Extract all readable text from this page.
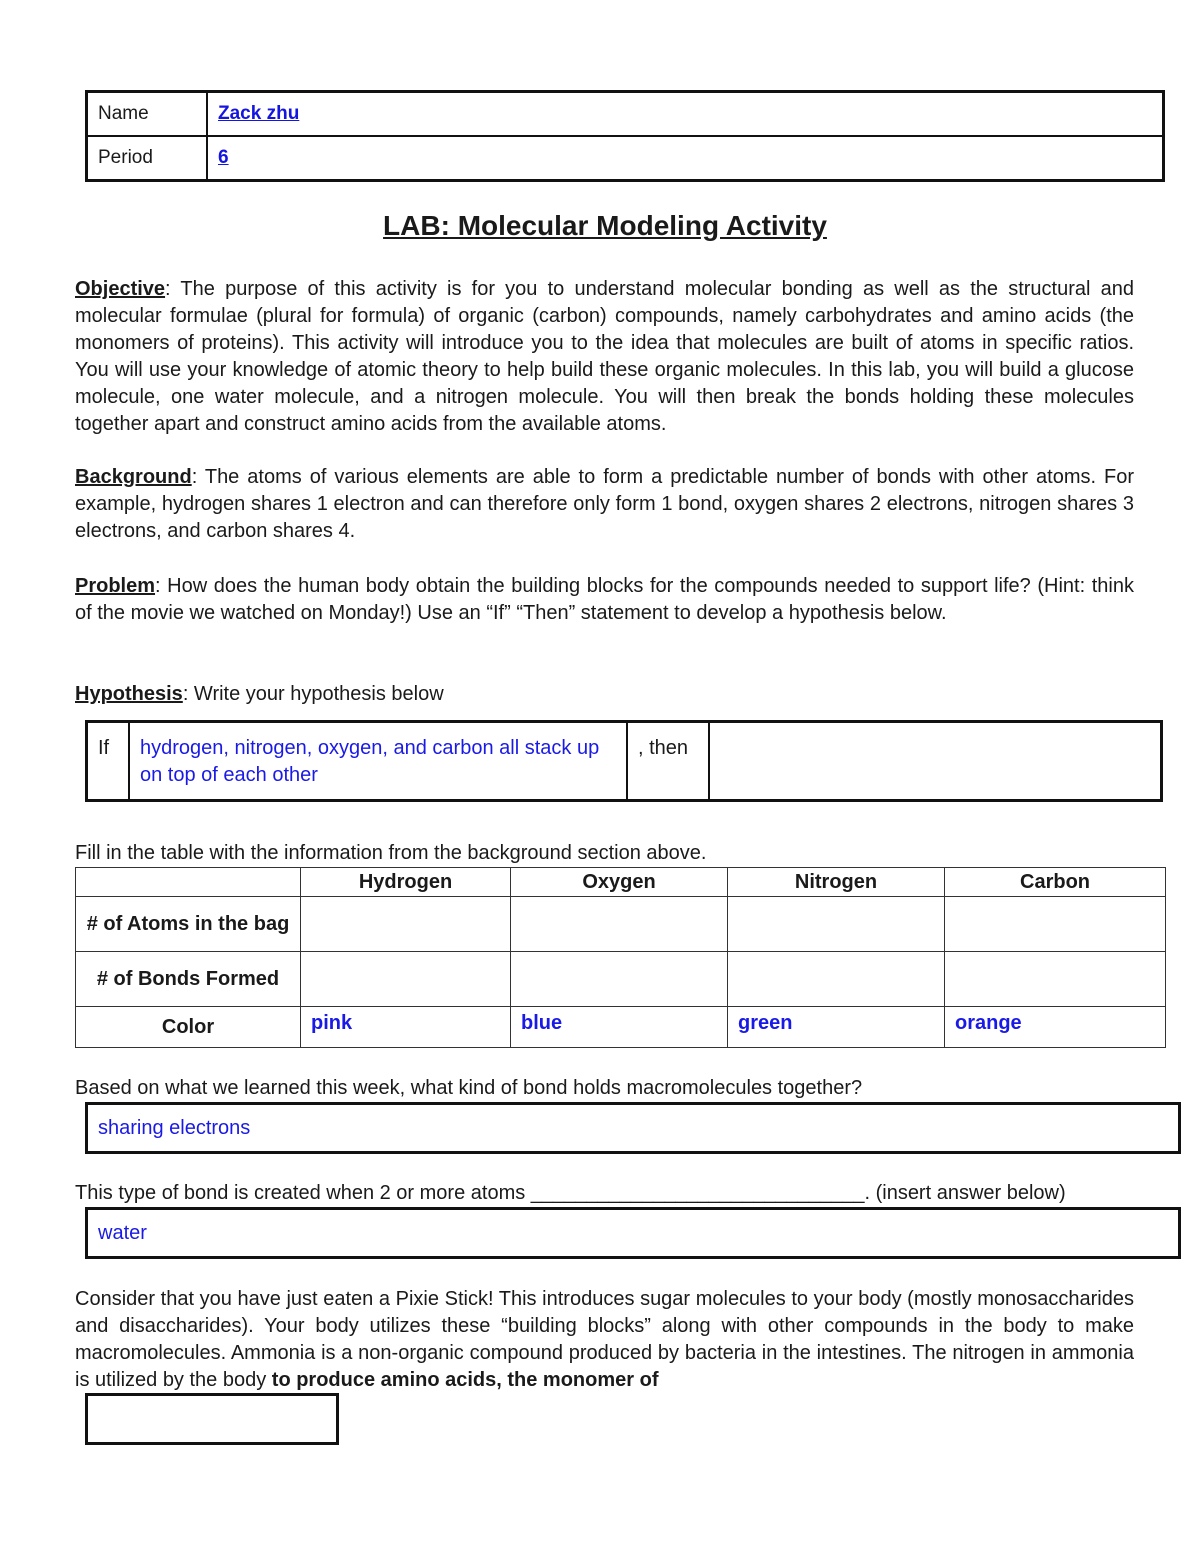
Name	Zack zhu
Period	6
LAB: Molecular Modeling Activity
Objective: The purpose of this activity is for you to understand molecular bonding as well as the structural and molecular formulae (plural for formula) of organic (carbon) compounds, namely carbohydrates and amino acids (the monomers of proteins). This activity will introduce you to the idea that molecules are built of atoms in specific ratios. You will use your knowledge of atomic theory to help build these organic molecules. In this lab, you will build a glucose molecule, one water molecule, and a nitrogen molecule. You will then break the bonds holding these molecules together apart and construct amino acids from the available atoms.
Background: The atoms of various elements are able to form a predictable number of bonds with other atoms. For example, hydrogen shares 1 electron and can therefore only form 1 bond, oxygen shares 2 electrons, nitrogen shares 3 electrons, and carbon shares 4.
Problem: How does the human body obtain the building blocks for the compounds needed to support life? (Hint: think of the movie we watched on Monday!) Use an “If” “Then” statement to develop a hypothesis below.
Hypothesis: Write your hypothesis below
If	hydrogen, nitrogen, oxygen, and carbon all stack up on top of each other	, then	
Fill in the table with the information from the background section above.
	Hydrogen	Oxygen	Nitrogen	Carbon
# of Atoms in the bag				
# of Bonds Formed				
Color	pink	blue	green	orange
Based on what we learned this week, what kind of bond holds macromolecules together?
sharing electrons
This type of bond is created when 2 or more atoms ______________________________. (insert answer below)
water
Consider that you have just eaten a Pixie Stick! This introduces sugar molecules to your body (mostly monosaccharides and disaccharides). Your body utilizes these “building blocks” along with other compounds in the body to make macromolecules. Ammonia is a non-organic compound produced by bacteria in the intestines. The nitrogen in ammonia is utilized by the body to produce amino acids, the monomer of
